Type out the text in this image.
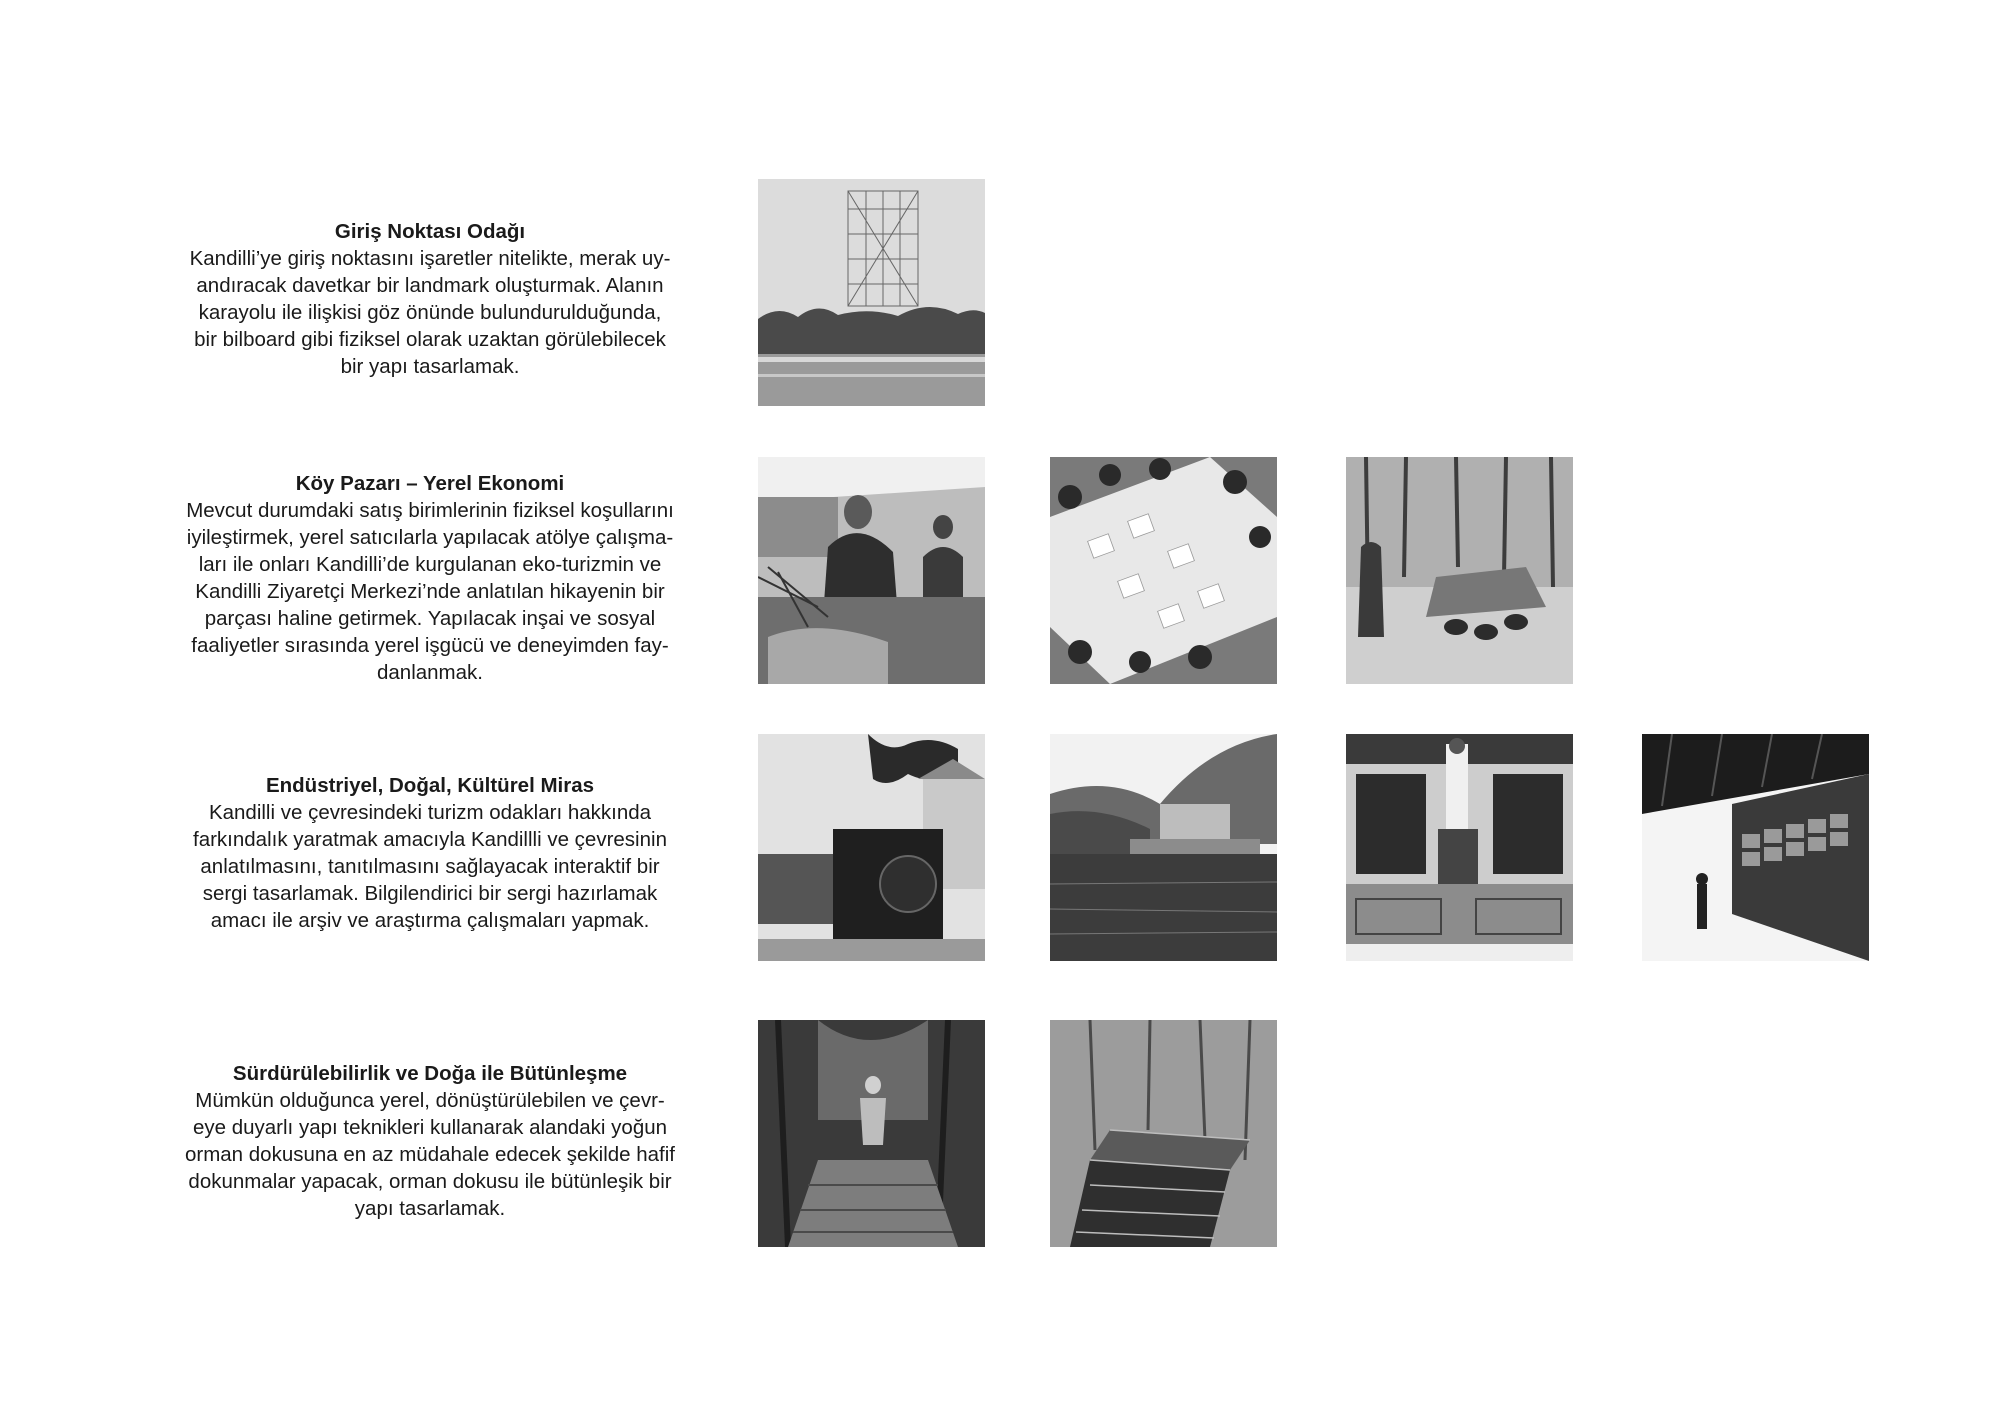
Giriş Noktası Odağı

Kandilli’ye giriş noktasını işaretler nitelikte, merak uy-
andıracak davetkar bir landmark oluşturmak. Alanın
karayolu ile ilişkisi göz önünde bulundurulduğunda,
bir bilboard gibi fiziksel olarak uzaktan görülebilecek
bir yapı tasarlamak.

Köy Pazarı – Yerel Ekonomi

Mevcut durumdaki satış birimlerinin fiziksel koşullarını
iyileştirmek, yerel satıcılarla yapılacak atölye çalışma-
ları ile onları Kandilli’de kurgulanan eko-turizmin ve
Kandilli Ziyaretçi Merkezi’nde anlatılan hikayenin bir
parçası haline getirmek. Yapılacak inşai ve sosyal
faaliyetler sırasında yerel işgücü ve deneyimden fay-
danlanmak.

Endüstriyel, Doğal, Kültürel Miras

Kandilli ve çevresindeki turizm odakları hakkında
farkındalık yaratmak amacıyla Kandillli ve çevresinin
anlatılmasını, tanıtılmasını sağlayacak interaktif bir
sergi tasarlamak. Bilgilendirici bir sergi hazırlamak
amacı ile arşiv ve araştırma çalışmaları yapmak.

Sürdürülebilirlik ve Doğa ile Bütünleşme

Mümkün olduğunca yerel, dönüştürülebilen ve çevr-
eye duyarlı yapı teknikleri kullanarak alandaki yoğun
orman dokusuna en az müdahale edecek şekilde hafif
dokunmalar yapacak, orman dokusu ile bütünleşik bir
yapı tasarlamak.
